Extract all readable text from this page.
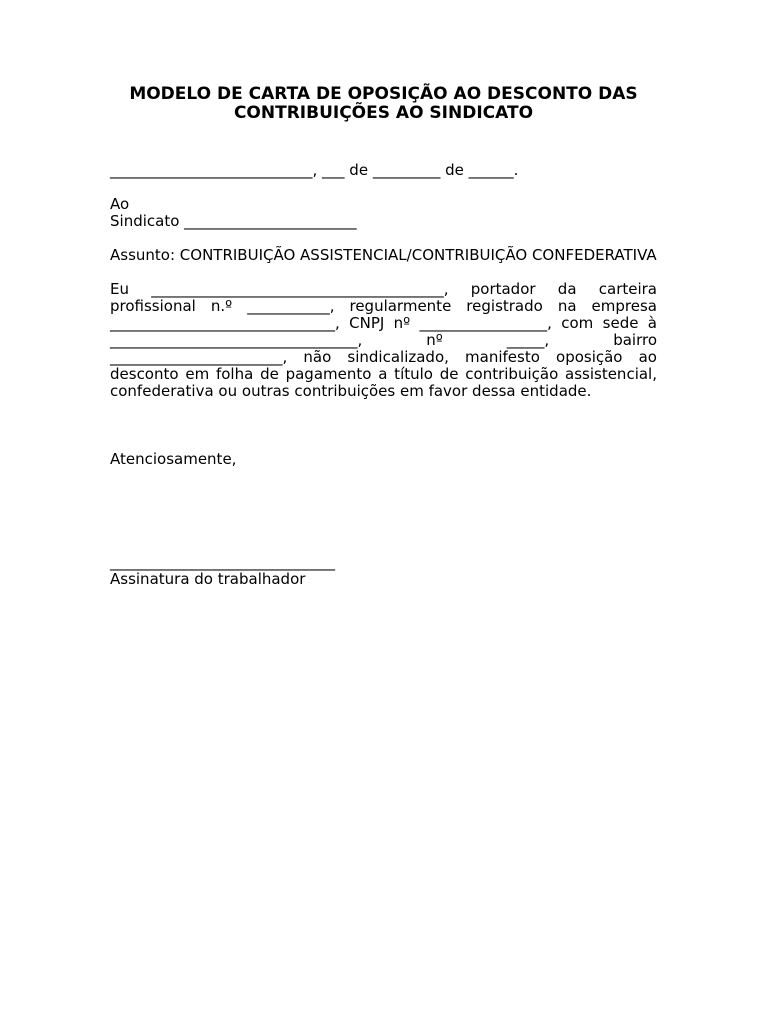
MODELO DE CARTA DE OPOSIÇÃO AO DESCONTO DAS
CONTRIBUIÇÕES AO SINDICATO

___________________________, ___ de _________ de ______.

Ao
Sindicato _______________________

Assunto: CONTRIBUIÇÃO ASSISTENCIAL/CONTRIBUIÇÃO CONFEDERATIVA

Eu _______________________________________, portador da carteira profissional n.º ___________, regularmente registrado na empresa ______________________________, CNPJ nº _________________, com sede à _________________________________, nº _____, bairro _______________________, não sindicalizado, manifesto oposição ao desconto em folha de pagamento a título de contribuição assistencial, confederativa ou outras contribuições em favor dessa entidade.

Atenciosamente,

______________________________
Assinatura do trabalhador
